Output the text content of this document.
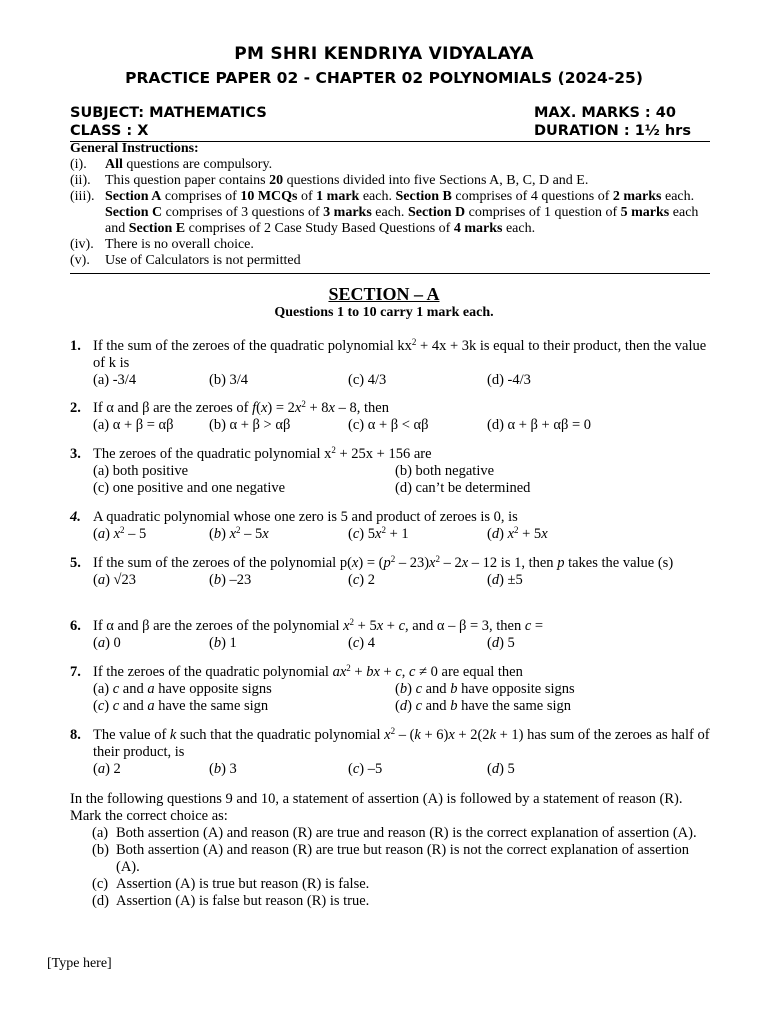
PM SHRI KENDRIYA VIDYALAYA
PRACTICE PAPER 02 - CHAPTER 02 POLYNOMIALS (2024-25)
SUBJECT: MATHEMATICS	MAX. MARKS : 40
CLASS : X	DURATION : 1½ hrs
General Instructions:
(i). All questions are compulsory.
(ii). This question paper contains 20 questions divided into five Sections A, B, C, D and E.
(iii). Section A comprises of 10 MCQs of 1 mark each. Section B comprises of 4 questions of 2 marks each. Section C comprises of 3 questions of 3 marks each. Section D comprises of 1 question of 5 marks each and Section E comprises of 2 Case Study Based Questions of 4 marks each.
(iv). There is no overall choice.
(v). Use of Calculators is not permitted
SECTION – A
Questions 1 to 10 carry 1 mark each.
1. If the sum of the zeroes of the quadratic polynomial $kx^2 + 4x + 3k$ is equal to their product, then the value of k is
(a) -3/4	(b) 3/4	(c) 4/3	(d) -4/3
2. If α and β are the zeroes of $f(x) = 2x^2 + 8x - 8$, then
(a) α + β = αβ (b) α + β > αβ	(c) α + β < αβ	(d) α + β + αβ = 0
3. The zeroes of the quadratic polynomial $x^2 + 25x + 156$ are
(a) both positive	(b) both negative
(c) one positive and one negative	(d) can’t be determined
4. A quadratic polynomial whose one zero is 5 and product of zeroes is 0, is
(a) $x^2 - 5$	(b) $x^2 - 5x$	(c) $5x^2 + 1$	(d) $x^2 + 5x$
5. If the sum of the zeroes of the polynomial $p(x) = (p^2 - 23)x^2 - 2x - 12$ is 1, then p takes the value (s)
(a) √23	(b) –23	(c) 2	(d) ±5
6. If α and β are the zeroes of the polynomial $x^2 + 5x + c$, and α – β = 3, then c =
(a) 0	(b) 1	(c) 4	(d) 5
7. If the zeroes of the quadratic polynomial $ax^2$ + bx + c, c ≠ 0 are equal then
(a) c and a have opposite signs	(b) c and b have opposite signs
(c) c and a have the same sign	(d) c and b have the same sign
8. The value of k such that the quadratic polynomial $x^2 - (k + 6)x + 2(2k + 1)$ has sum of the zeroes as half of their product, is
(a) 2	(b) 3	(c) –5	(d) 5
In the following questions 9 and 10, a statement of assertion (A) is followed by a statement of reason (R). Mark the correct choice as:
(a) Both assertion (A) and reason (R) are true and reason (R) is the correct explanation of assertion (A).
(b) Both assertion (A) and reason (R) are true but reason (R) is not the correct explanation of assertion (A).
(c) Assertion (A) is true but reason (R) is false.
(d) Assertion (A) is false but reason (R) is true.
[Type here]
